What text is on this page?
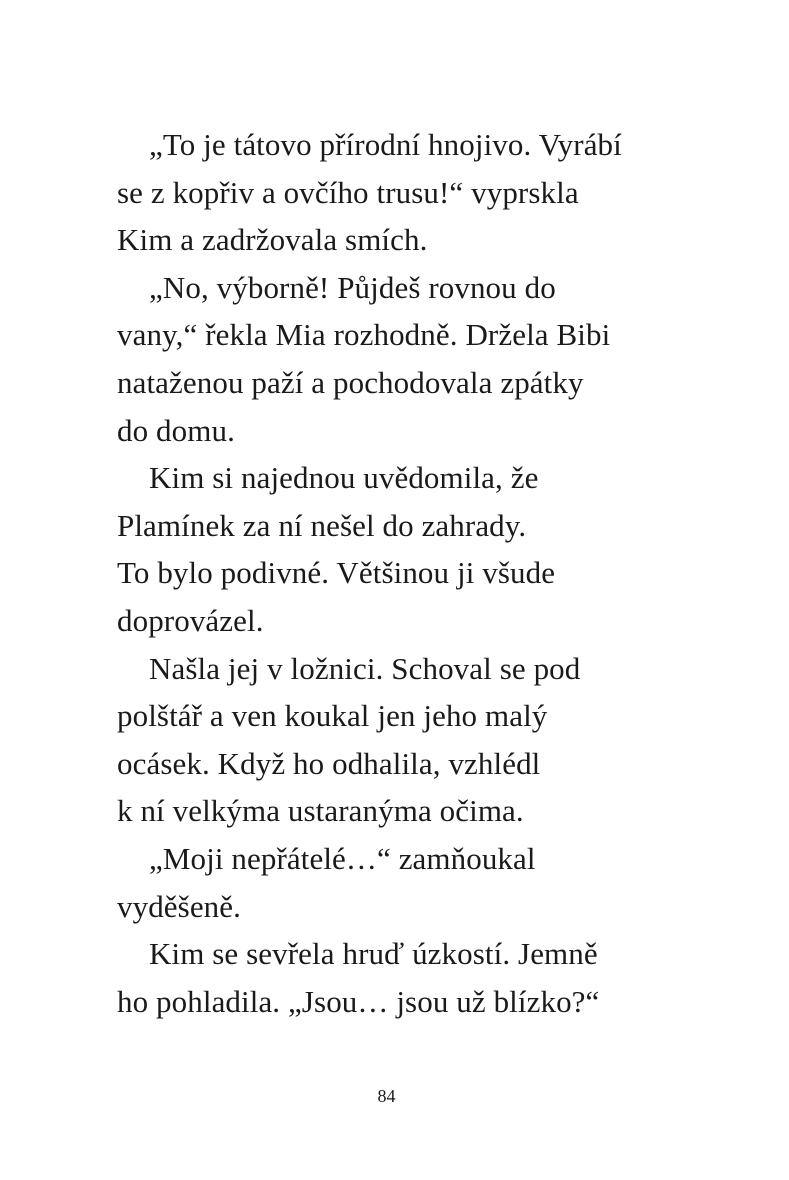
„To je tátovo přírodní hnojivo. Vyrábí
se z kopřiv a ovčího trusu!“ vyprskla
Kim a zadržovala smích.
„No, výborně! Půjdeš rovnou do
vany,“ řekla Mia rozhodně. Držela Bibi
nataženou paží a pochodovala zpátky
do domu.
Kim si najednou uvědomila, že
Plamínek za ní nešel do zahrady.
To bylo podivné. Většinou ji všude
doprovázel.
Našla jej v ložnici. Schoval se pod
polštář a ven koukal jen jeho malý
ocásek. Když ho odhalila, vzhlédl
k ní velkýma ustaranýma očima.
„Moji nepřátelé…“ zamňoukal
vyděšeně.
Kim se sevřela hruď úzkostí. Jemně
ho pohladila. „Jsou… jsou už blízko?“
84
